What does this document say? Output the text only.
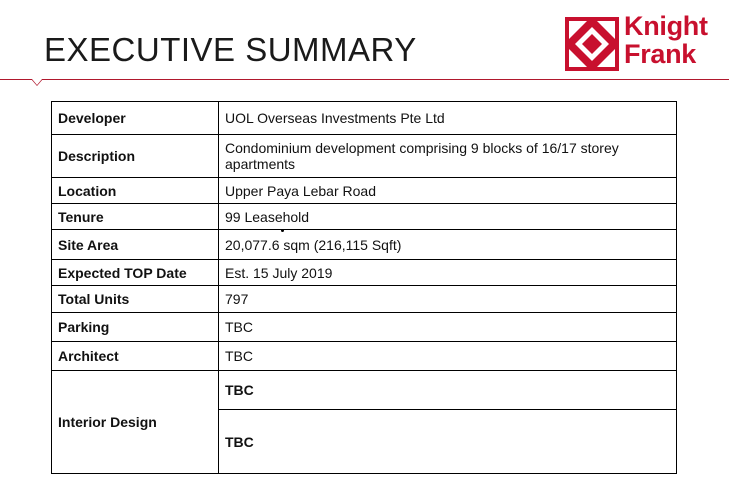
EXECUTIVE SUMMARY
Knight
Frank
Developer	UOL Overseas Investments Pte Ltd
Description	Condominium development comprising 9 blocks of 16/17 storey apartments
Location	Upper Paya Lebar Road
Tenure	99 Leasehold
Site Area	20,077.6 sqm (216,115 Sqft)
Expected TOP Date	Est. 15 July 2019
Total Units	797
Parking	TBC
Architect	TBC
Interior Design	TBC
	TBC
